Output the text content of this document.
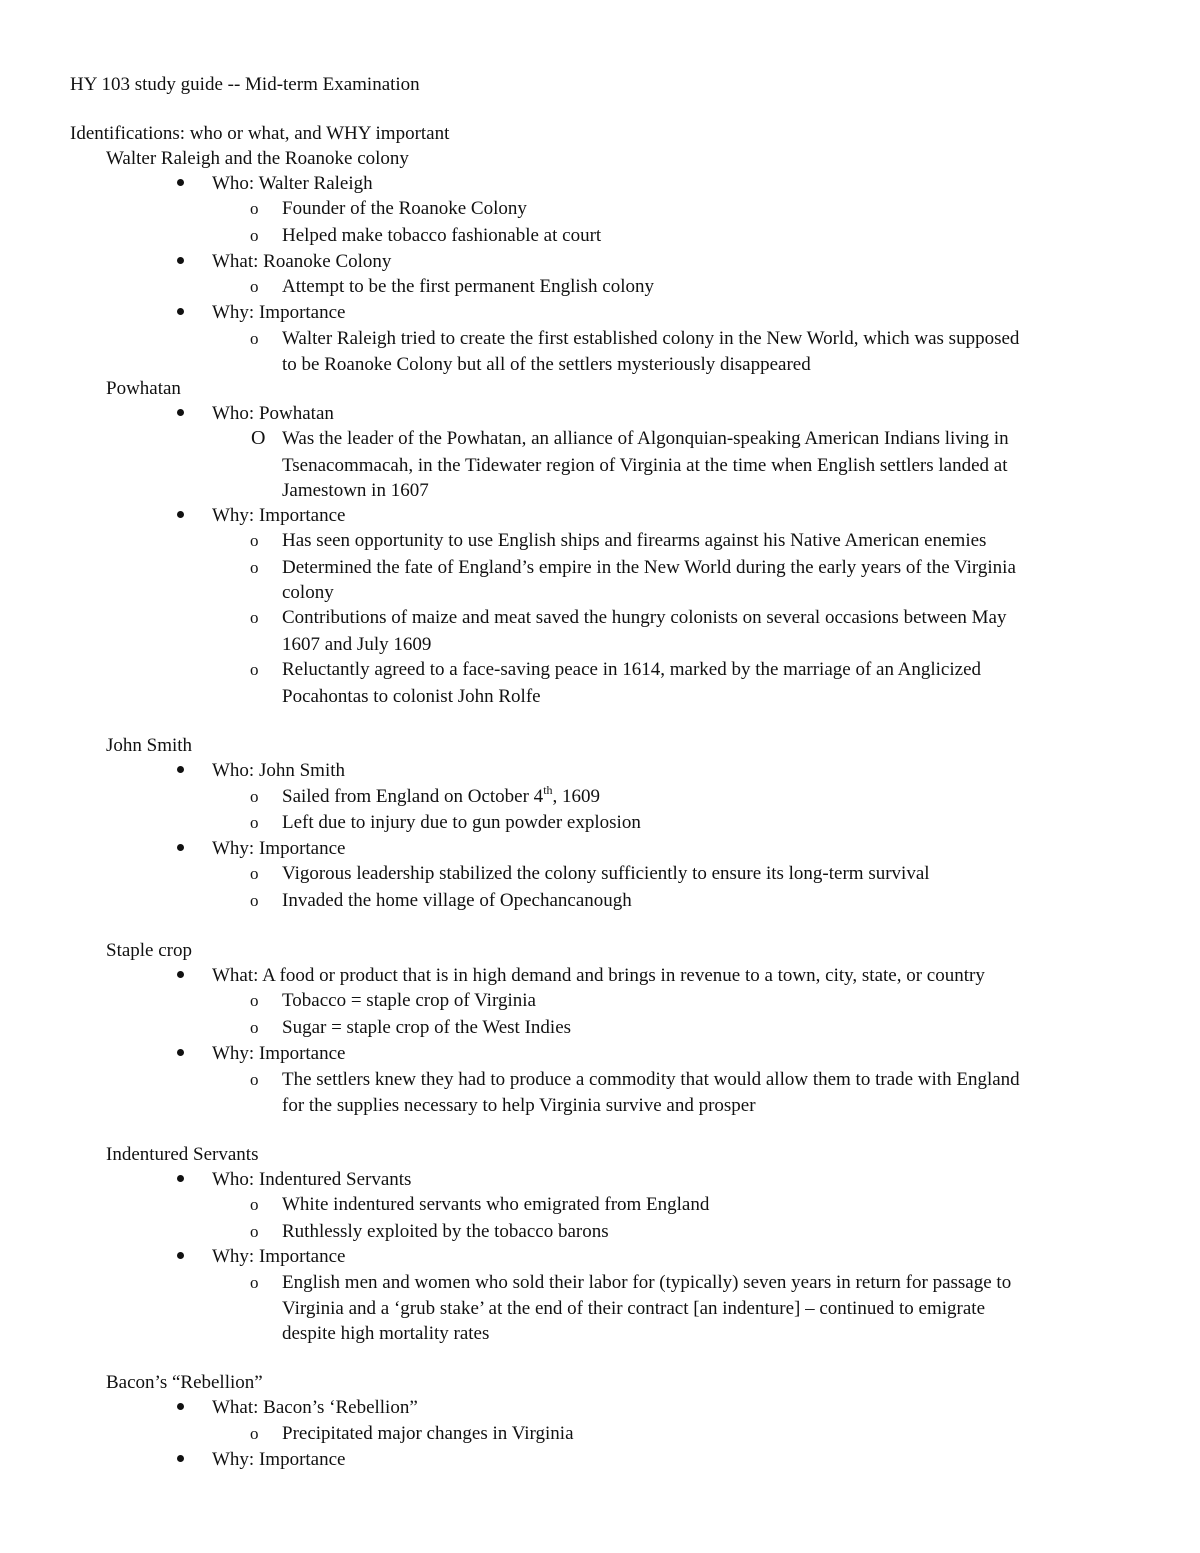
HY 103 study guide -- Mid-term Examination
Identifications: who or what, and WHY important
Walter Raleigh and the Roanoke colony
Who: Walter Raleigh
Founder of the Roanoke Colony
o
Helped make tobacco fashionable at court
o
What: Roanoke Colony
Attempt to be the first permanent English colony
o
Why: Importance
Walter Raleigh tried to create the first established colony in the New World, which was supposed
o
to be Roanoke Colony but all of the settlers mysteriously disappeared
Powhatan
Who: Powhatan
Was the leader of the Powhatan, an alliance of Algonquian-speaking American Indians living in
O
Tsenacommacah, in the Tidewater region of Virginia at the time when English settlers landed at
Jamestown in 1607
Why: Importance
Has seen opportunity to use English ships and firearms against his Native American enemies
o
Determined the fate of England’s empire in the New World during the early years of the Virginia
o
colony
Contributions of maize and meat saved the hungry colonists on several occasions between May
o
1607 and July 1609
Reluctantly agreed to a face-saving peace in 1614, marked by the marriage of an Anglicized
o
Pocahontas to colonist John Rolfe
John Smith
Who: John Smith
Sailed from England on October 4th, 1609
o
Left due to injury due to gun powder explosion
o
Why: Importance
Vigorous leadership stabilized the colony sufficiently to ensure its long-term survival
o
Invaded the home village of Opechancanough
o
Staple crop
What: A food or product that is in high demand and brings in revenue to a town, city, state, or country
Tobacco = staple crop of Virginia
o
Sugar = staple crop of the West Indies
o
Why: Importance
The settlers knew they had to produce a commodity that would allow them to trade with England
o
for the supplies necessary to help Virginia survive and prosper
Indentured Servants
Who: Indentured Servants
White indentured servants who emigrated from England
o
Ruthlessly exploited by the tobacco barons
o
Why: Importance
English men and women who sold their labor for (typically) seven years in return for passage to
o
Virginia and a ‘grub stake’ at the end of their contract [an indenture] – continued to emigrate
despite high mortality rates
Bacon’s “Rebellion”
What: Bacon’s ‘Rebellion”
Precipitated major changes in Virginia
o
Why: Importance
